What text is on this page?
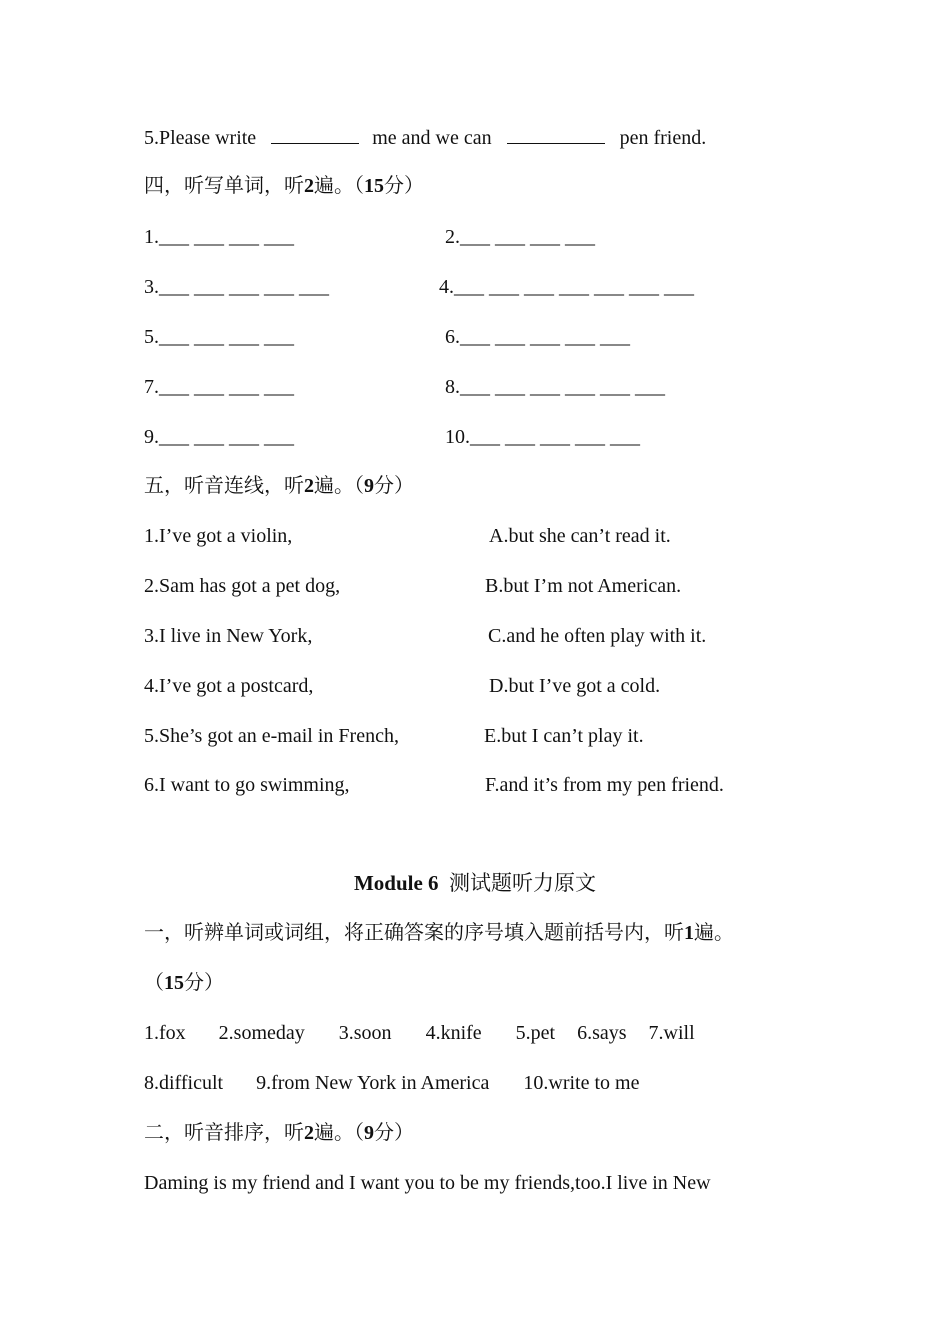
5.Please write	me and we can	pen friend.
四，听写单词，听2遍。（15分）
1.___ ___ ___ ___	2.___ ___ ___ ___
3.___ ___ ___ ___ ___	4.___ ___ ___ ___ ___ ___ ___
5.___ ___ ___ ___	6.___ ___ ___ ___ ___
7.___ ___ ___ ___	8.___ ___ ___ ___ ___ ___
9.___ ___ ___ ___	10.___ ___ ___ ___ ___
五，听音连线，听2遍。（9分）
1.I’ve got a violin,	A.but she can’t read it.
2.Sam has got a pet dog,	B.but I’m not American.
3.I live in New York,	C.and he often play with it.
4.I’ve got a postcard,	D.but I’ve got a cold.
5.She’s got an e-mail in French,	E.but I can’t play it.
6.I want to go swimming,	F.and it’s from my pen friend.
Module 6 测试题听力原文
一，听辨单词或词组，将正确答案的序号填入题前括号内，听1遍。
（15分）
1.fox 2.someday 3.soon 4.knife 5.pet 6.says 7.will
8.difficult 9.from New York in America 10.write to me
二，听音排序，听2遍。（9分）
Daming is my friend and I want you to be my friends,too.I live in New
